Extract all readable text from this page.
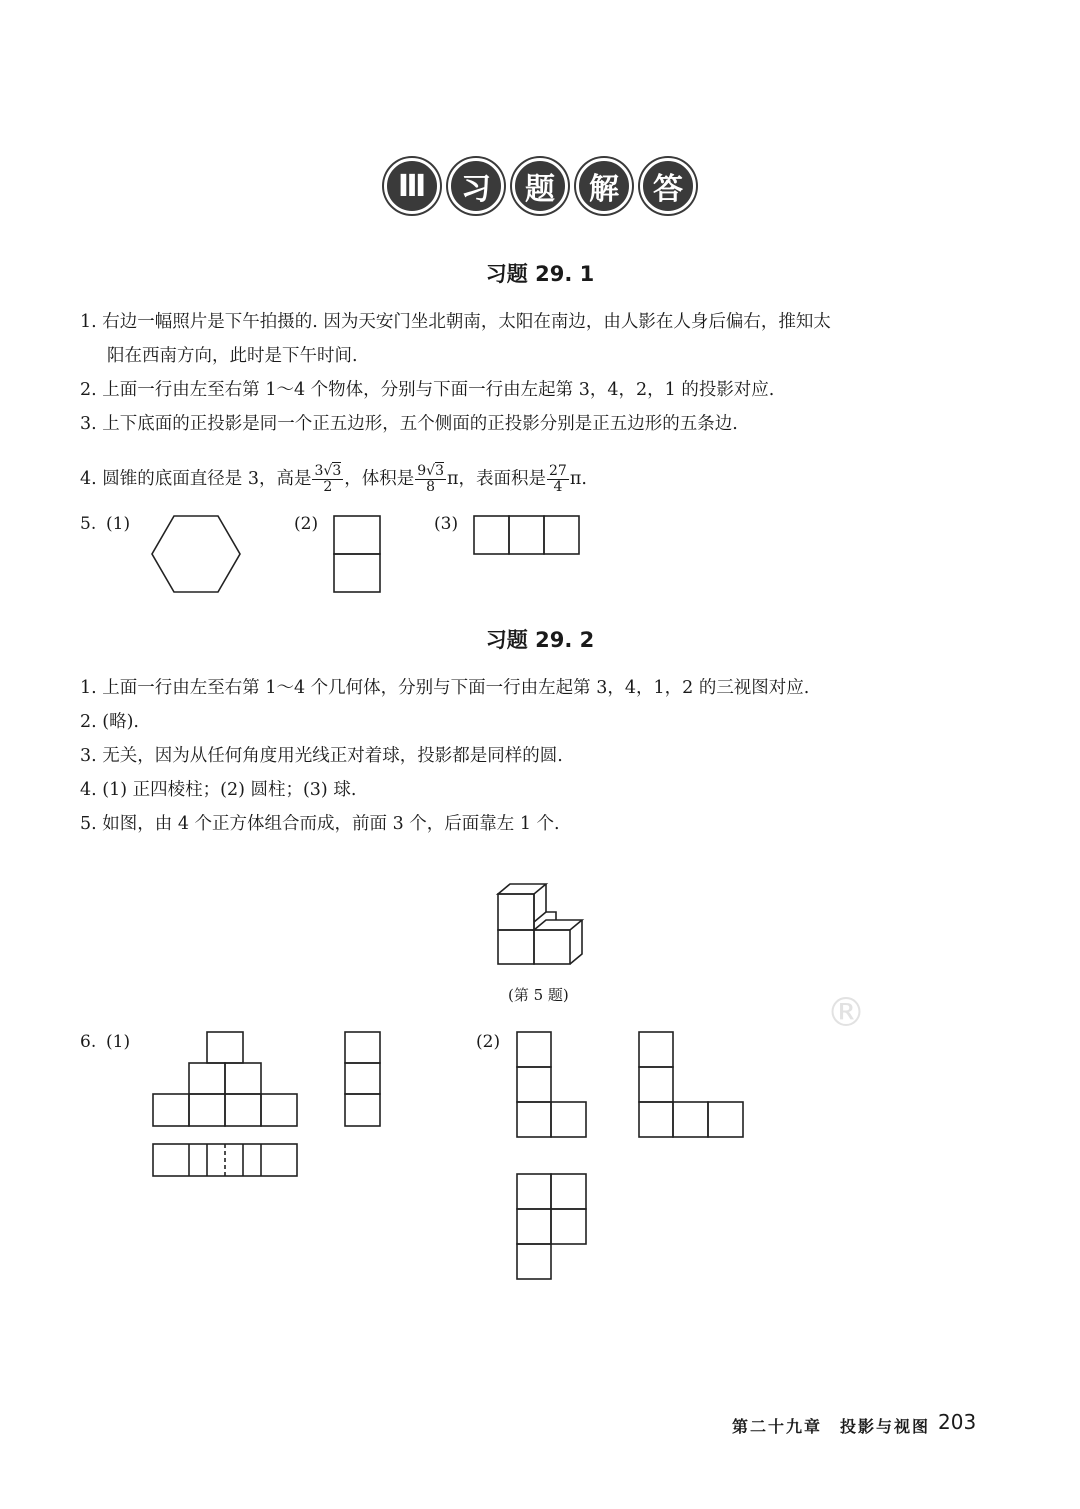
Ⅲ	习	题	解	答
习题 29. 1
1. 右边一幅照片是下午拍摄的. 因为天安门坐北朝南，太阳在南边，由人影在人身后偏右，推知太
阳在西南方向，此时是下午时间.
2. 上面一行由左至右第 1～4 个物体，分别与下面一行由左起第 3，4，2，1 的投影对应.
3. 上下底面的正投影是同一个正五边形，五个侧面的正投影分别是正五边形的五条边.
4. 圆锥的底面直径是 3，高是 $\frac{3√3}{2}$ ，体积是 $\frac{9√3}{8}$ π，表面积是 $\frac{27}{4} \pi$.
5. (1)	(2)	(3)
习题 29. 2
1. 上面一行由左至右第 1～4 个几何体，分别与下面一行由左起第 3，4，1，2 的三视图对应.
2. (略).
3. 无关，因为从任何角度用光线正对着球，投影都是同样的圆.
4. (1) 正四棱柱；(2) 圆柱；(3) 球.
5. 如图，由 4 个正方体组合而成，前面 3 个，后面靠左 1 个.
(第 5 题)
6. (1)	(2)
®
第二十九章　投影与视图 203
